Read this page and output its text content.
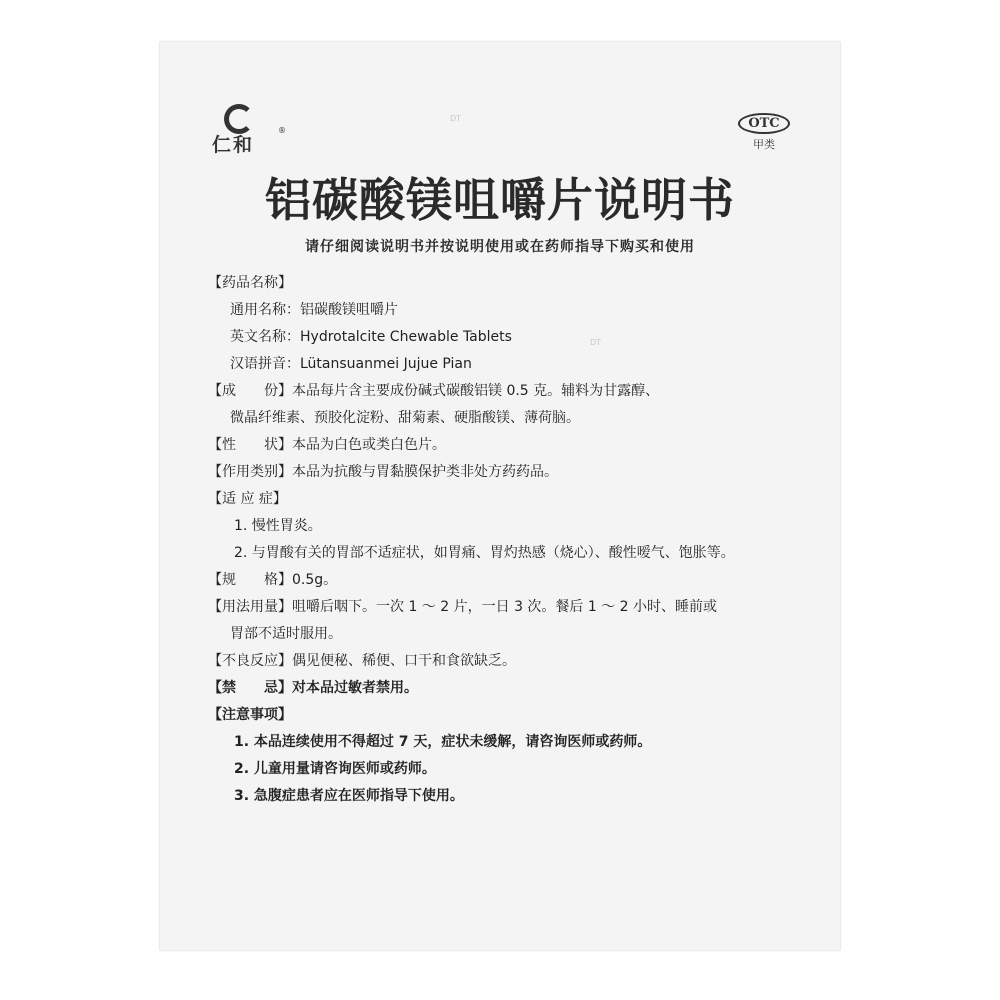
DT
DT
仁和
®	OTC
甲类
铝碳酸镁咀嚼片说明书
请仔细阅读说明书并按说明使用或在药师指导下购买和使用
【药品名称】
通用名称：铝碳酸镁咀嚼片
英文名称：Hydrotalcite Chewable Tablets
汉语拼音：Lütansuanmei Jujue Pian
【成　　份】本品每片含主要成份碱式碳酸铝镁 0.5 克。辅料为甘露醇、
微晶纤维素、预胶化淀粉、甜菊素、硬脂酸镁、薄荷脑。
【性　　状】本品为白色或类白色片。
【作用类别】本品为抗酸与胃黏膜保护类非处方药药品。
【适 应 症】
1. 慢性胃炎。
2. 与胃酸有关的胃部不适症状，如胃痛、胃灼热感（烧心）、酸性嗳气、饱胀等。
【规　　格】0.5g。
【用法用量】咀嚼后咽下。一次 1 ～ 2 片，一日 3 次。餐后 1 ～ 2 小时、睡前或
胃部不适时服用。
【不良反应】偶见便秘、稀便、口干和食欲缺乏。
【禁　　忌】对本品过敏者禁用。
【注意事项】
1. 本品连续使用不得超过 7 天，症状未缓解，请咨询医师或药师。
2. 儿童用量请咨询医师或药师。
3. 急腹症患者应在医师指导下使用。
